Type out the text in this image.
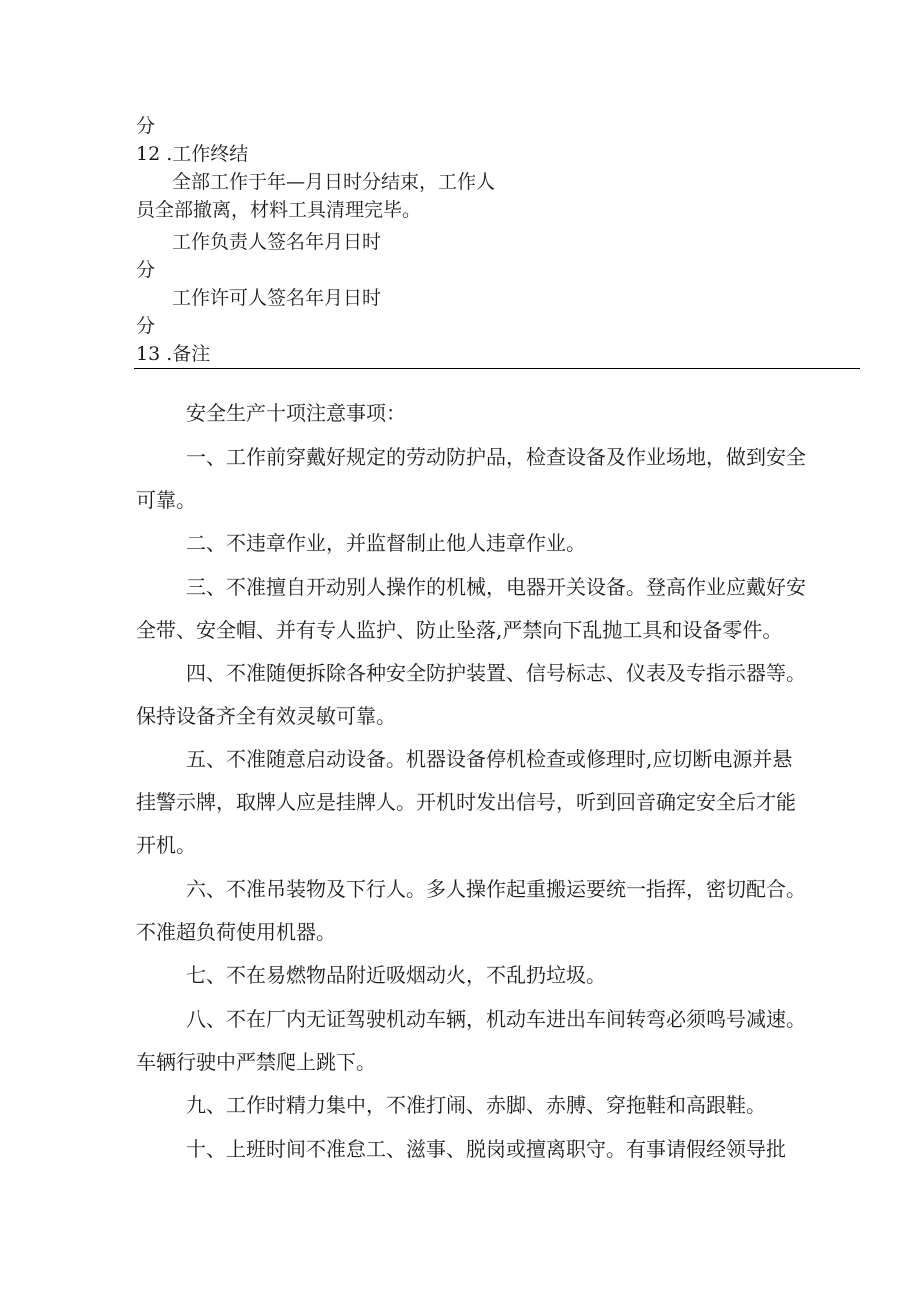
分
12 .工作终结
全部工作于年—月日时分结束，工作人
员全部撤离，材料工具清理完毕。
工作负责人签名年月日时
分
工作许可人签名年月日时
分
13 .备注
安全生产十项注意事项：
一、工作前穿戴好规定的劳动防护品，检查设备及作业场地，做到安全
可靠。
二、不违章作业，并监督制止他人违章作业。
三、不准擅自开动别人操作的机械，电器开关设备。登高作业应戴好安
全带、安全帽、并有专人监护、防止坠落,严禁向下乱抛工具和设备零件。
四、不准随便拆除各种安全防护装置、信号标志、仪表及专指示器等。
保持设备齐全有效灵敏可靠。
五、不准随意启动设备。机器设备停机检查或修理时,应切断电源并悬
挂警示牌，取牌人应是挂牌人。开机时发出信号，听到回音确定安全后才能
开机。
六、不准吊装物及下行人。多人操作起重搬运要统一指挥，密切配合。
不准超负荷使用机器。
七、不在易燃物品附近吸烟动火，不乱扔垃圾。
八、不在厂内无证驾驶机动车辆，机动车进出车间转弯必须鸣号减速。
车辆行驶中严禁爬上跳下。
九、工作时精力集中，不准打闹、赤脚、赤膊、穿拖鞋和高跟鞋。
十、上班时间不准怠工、滋事、脱岗或擅离职守。有事请假经领导批
